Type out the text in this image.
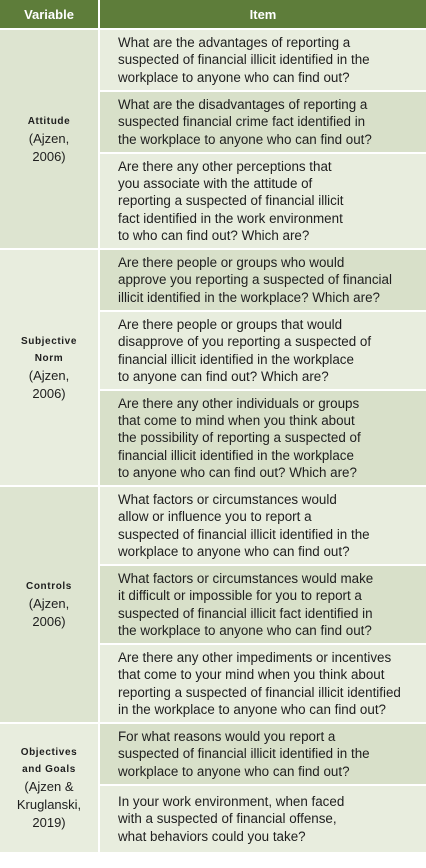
Variable	Item

Attitude
(Ajzen,
2006)	What are the advantages of reporting a
suspected of financial illicit identified in the
workplace to anyone who can find out?
	What are the disadvantages of reporting a
suspected financial crime fact identified in
the workplace to anyone who can find out?
	Are there any other perceptions that
you associate with the attitude of
reporting a suspected of financial illicit
fact identified in the work environment
to who can find out? Which are?

Subjective
Norm
(Ajzen,
2006)	Are there people or groups who would
approve you reporting a suspected of financial
illicit identified in the workplace? Which are?
	Are there people or groups that would
disapprove of you reporting a suspected of
financial illicit identified in the workplace
to anyone can find out? Which are?
	Are there any other individuals or groups
that come to mind when you think about
the possibility of reporting a suspected of
financial illicit identified in the workplace
to anyone who can find out? Which are?

Controls
(Ajzen,
2006)	What factors or circumstances would
allow or influence you to report a
suspected of financial illicit identified in the
workplace to anyone who can find out?
	What factors or circumstances would make
it difficult or impossible for you to report a
suspected of financial illicit fact identified in
the workplace to anyone who can find out?
	Are there any other impediments or incentives
that come to your mind when you think about
reporting a suspected of financial illicit identified
in the workplace to anyone who can find out?

Objectives
and Goals
(Ajzen &
Kruglanski,
2019)	For what reasons would you report a
suspected of financial illicit identified in the
workplace to anyone who can find out?
	In your work environment, when faced
with a suspected of financial offense,
what behaviors could you take?
